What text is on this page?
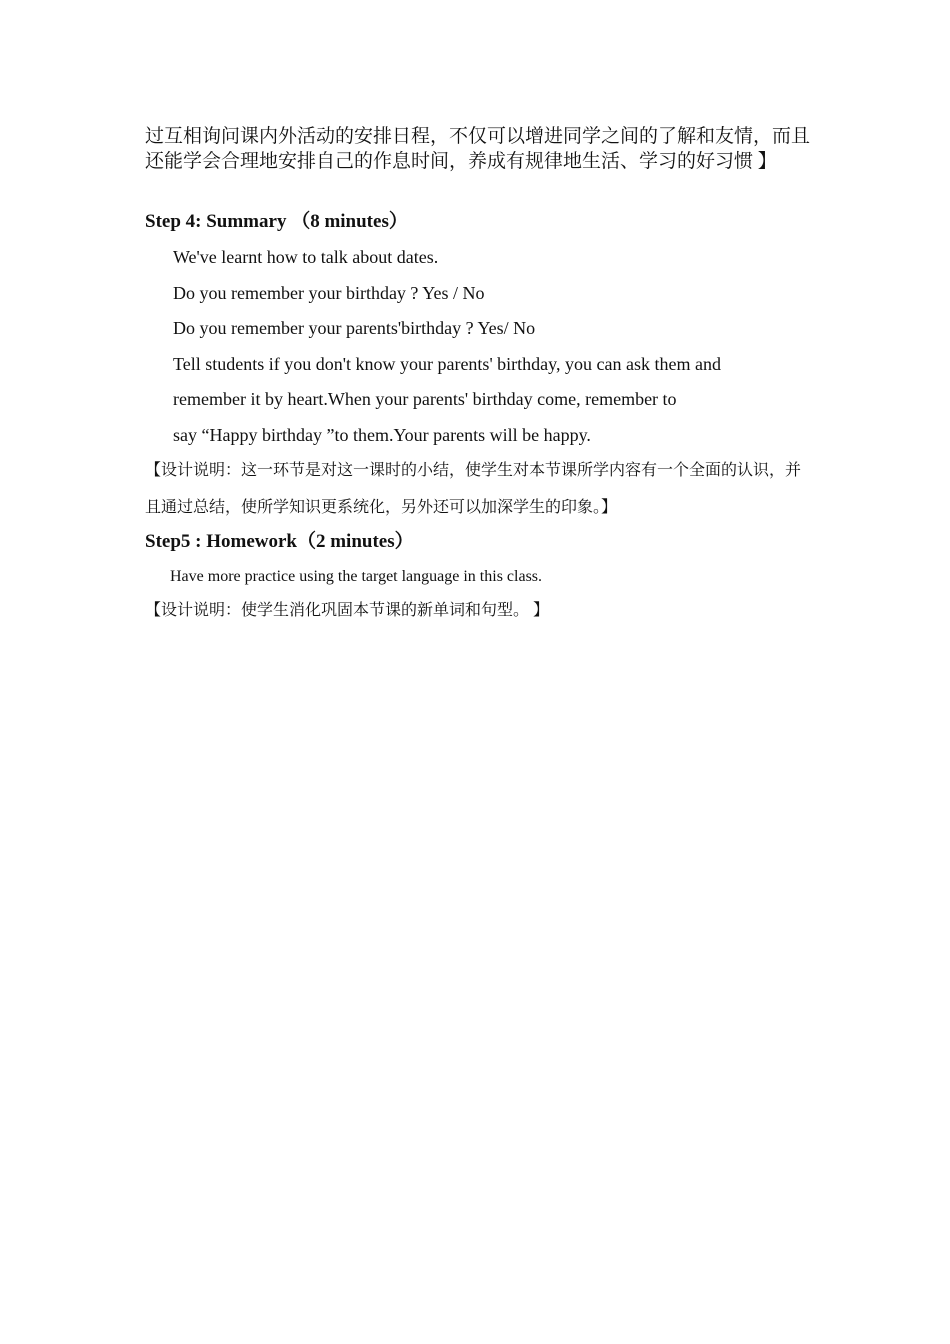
过互相询问课内外活动的安排日程，不仅可以增进同学之间的了解和友情，而且
还能学会合理地安排自己的作息时间，养成有规律地生活、学习的好习惯 】
Step 4: Summary （8 minutes）
We've learnt how to talk about dates.
Do you remember your birthday ? Yes / No
Do you remember your parents'birthday ? Yes/ No
Tell students if you don't know your parents' birthday, you can ask them and
remember it by heart.When your parents' birthday come, remember to
say “Happy birthday ”to them.Your parents will be happy.
【设计说明：这一环节是对这一课时的小结，使学生对本节课所学内容有一个全面的认识，并
且通过总结，使所学知识更系统化，另外还可以加深学生的印象。】
Step5 : Homework（2 minutes）
Have more practice using the target language in this class.
【设计说明：使学生消化巩固本节课的新单词和句型。 】
